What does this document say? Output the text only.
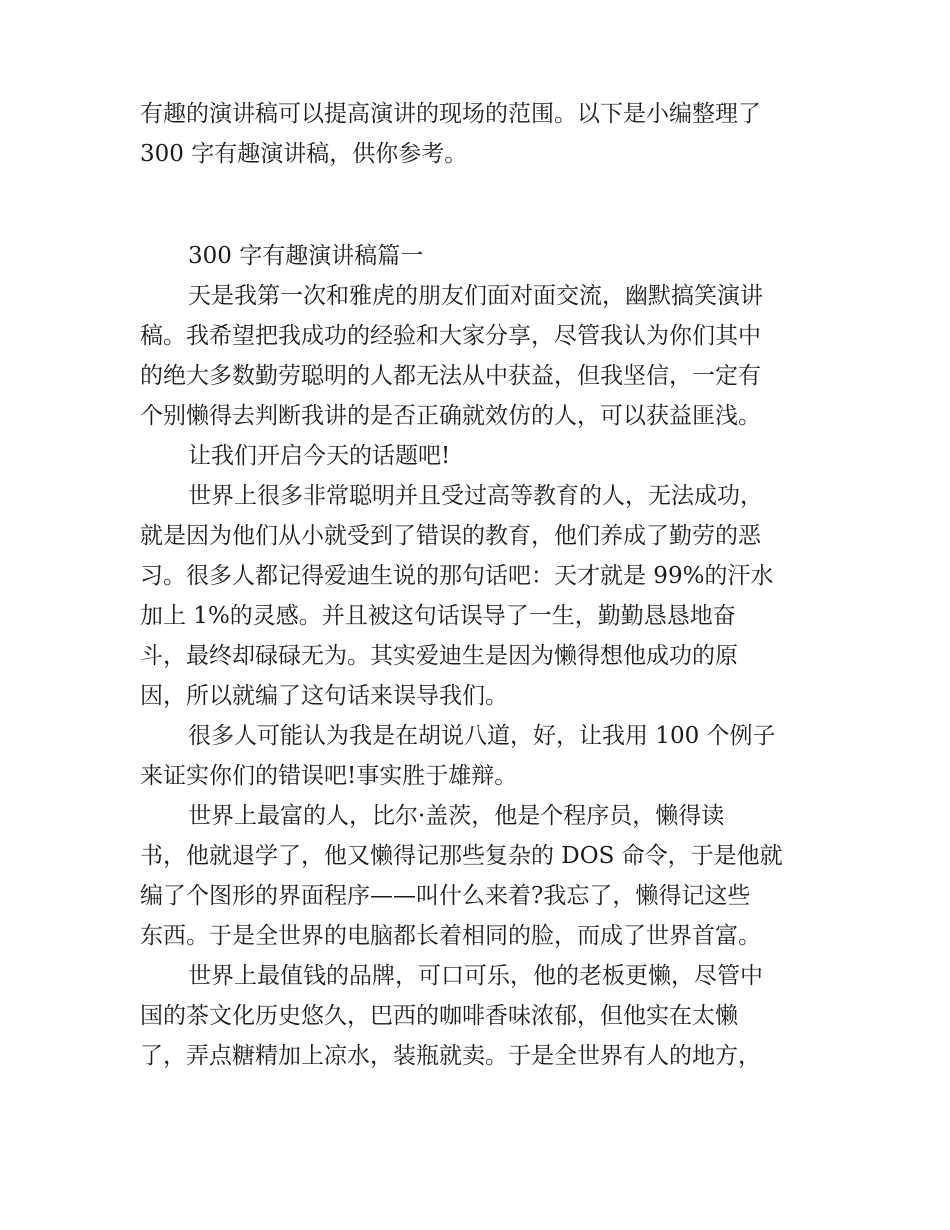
有趣的演讲稿可以提高演讲的现场的范围。以下是小编整理了
300 字有趣演讲稿，供你参考。
300 字有趣演讲稿篇一
天是我第一次和雅虎的朋友们面对面交流，幽默搞笑演讲
稿。我希望把我成功的经验和大家分享，尽管我认为你们其中
的绝大多数勤劳聪明的人都无法从中获益，但我坚信，一定有
个别懒得去判断我讲的是否正确就效仿的人，可以获益匪浅。
让我们开启今天的话题吧!
世界上很多非常聪明并且受过高等教育的人，无法成功，
就是因为他们从小就受到了错误的教育，他们养成了勤劳的恶
习。很多人都记得爱迪生说的那句话吧：天才就是 99%的汗水
加上 1%的灵感。并且被这句话误导了一生，勤勤恳恳地奋
斗，最终却碌碌无为。其实爱迪生是因为懒得想他成功的原
因，所以就编了这句话来误导我们。
很多人可能认为我是在胡说八道，好，让我用 100 个例子
来证实你们的错误吧!事实胜于雄辩。
世界上最富的人，比尔·盖茨，他是个程序员，懒得读
书，他就退学了，他又懒得记那些复杂的 DOS 命令，于是他就
编了个图形的界面程序——叫什么来着?我忘了，懒得记这些
东西。于是全世界的电脑都长着相同的脸，而成了世界首富。
世界上最值钱的品牌，可口可乐，他的老板更懒，尽管中
国的茶文化历史悠久，巴西的咖啡香味浓郁，但他实在太懒
了，弄点糖精加上凉水，装瓶就卖。于是全世界有人的地方，
